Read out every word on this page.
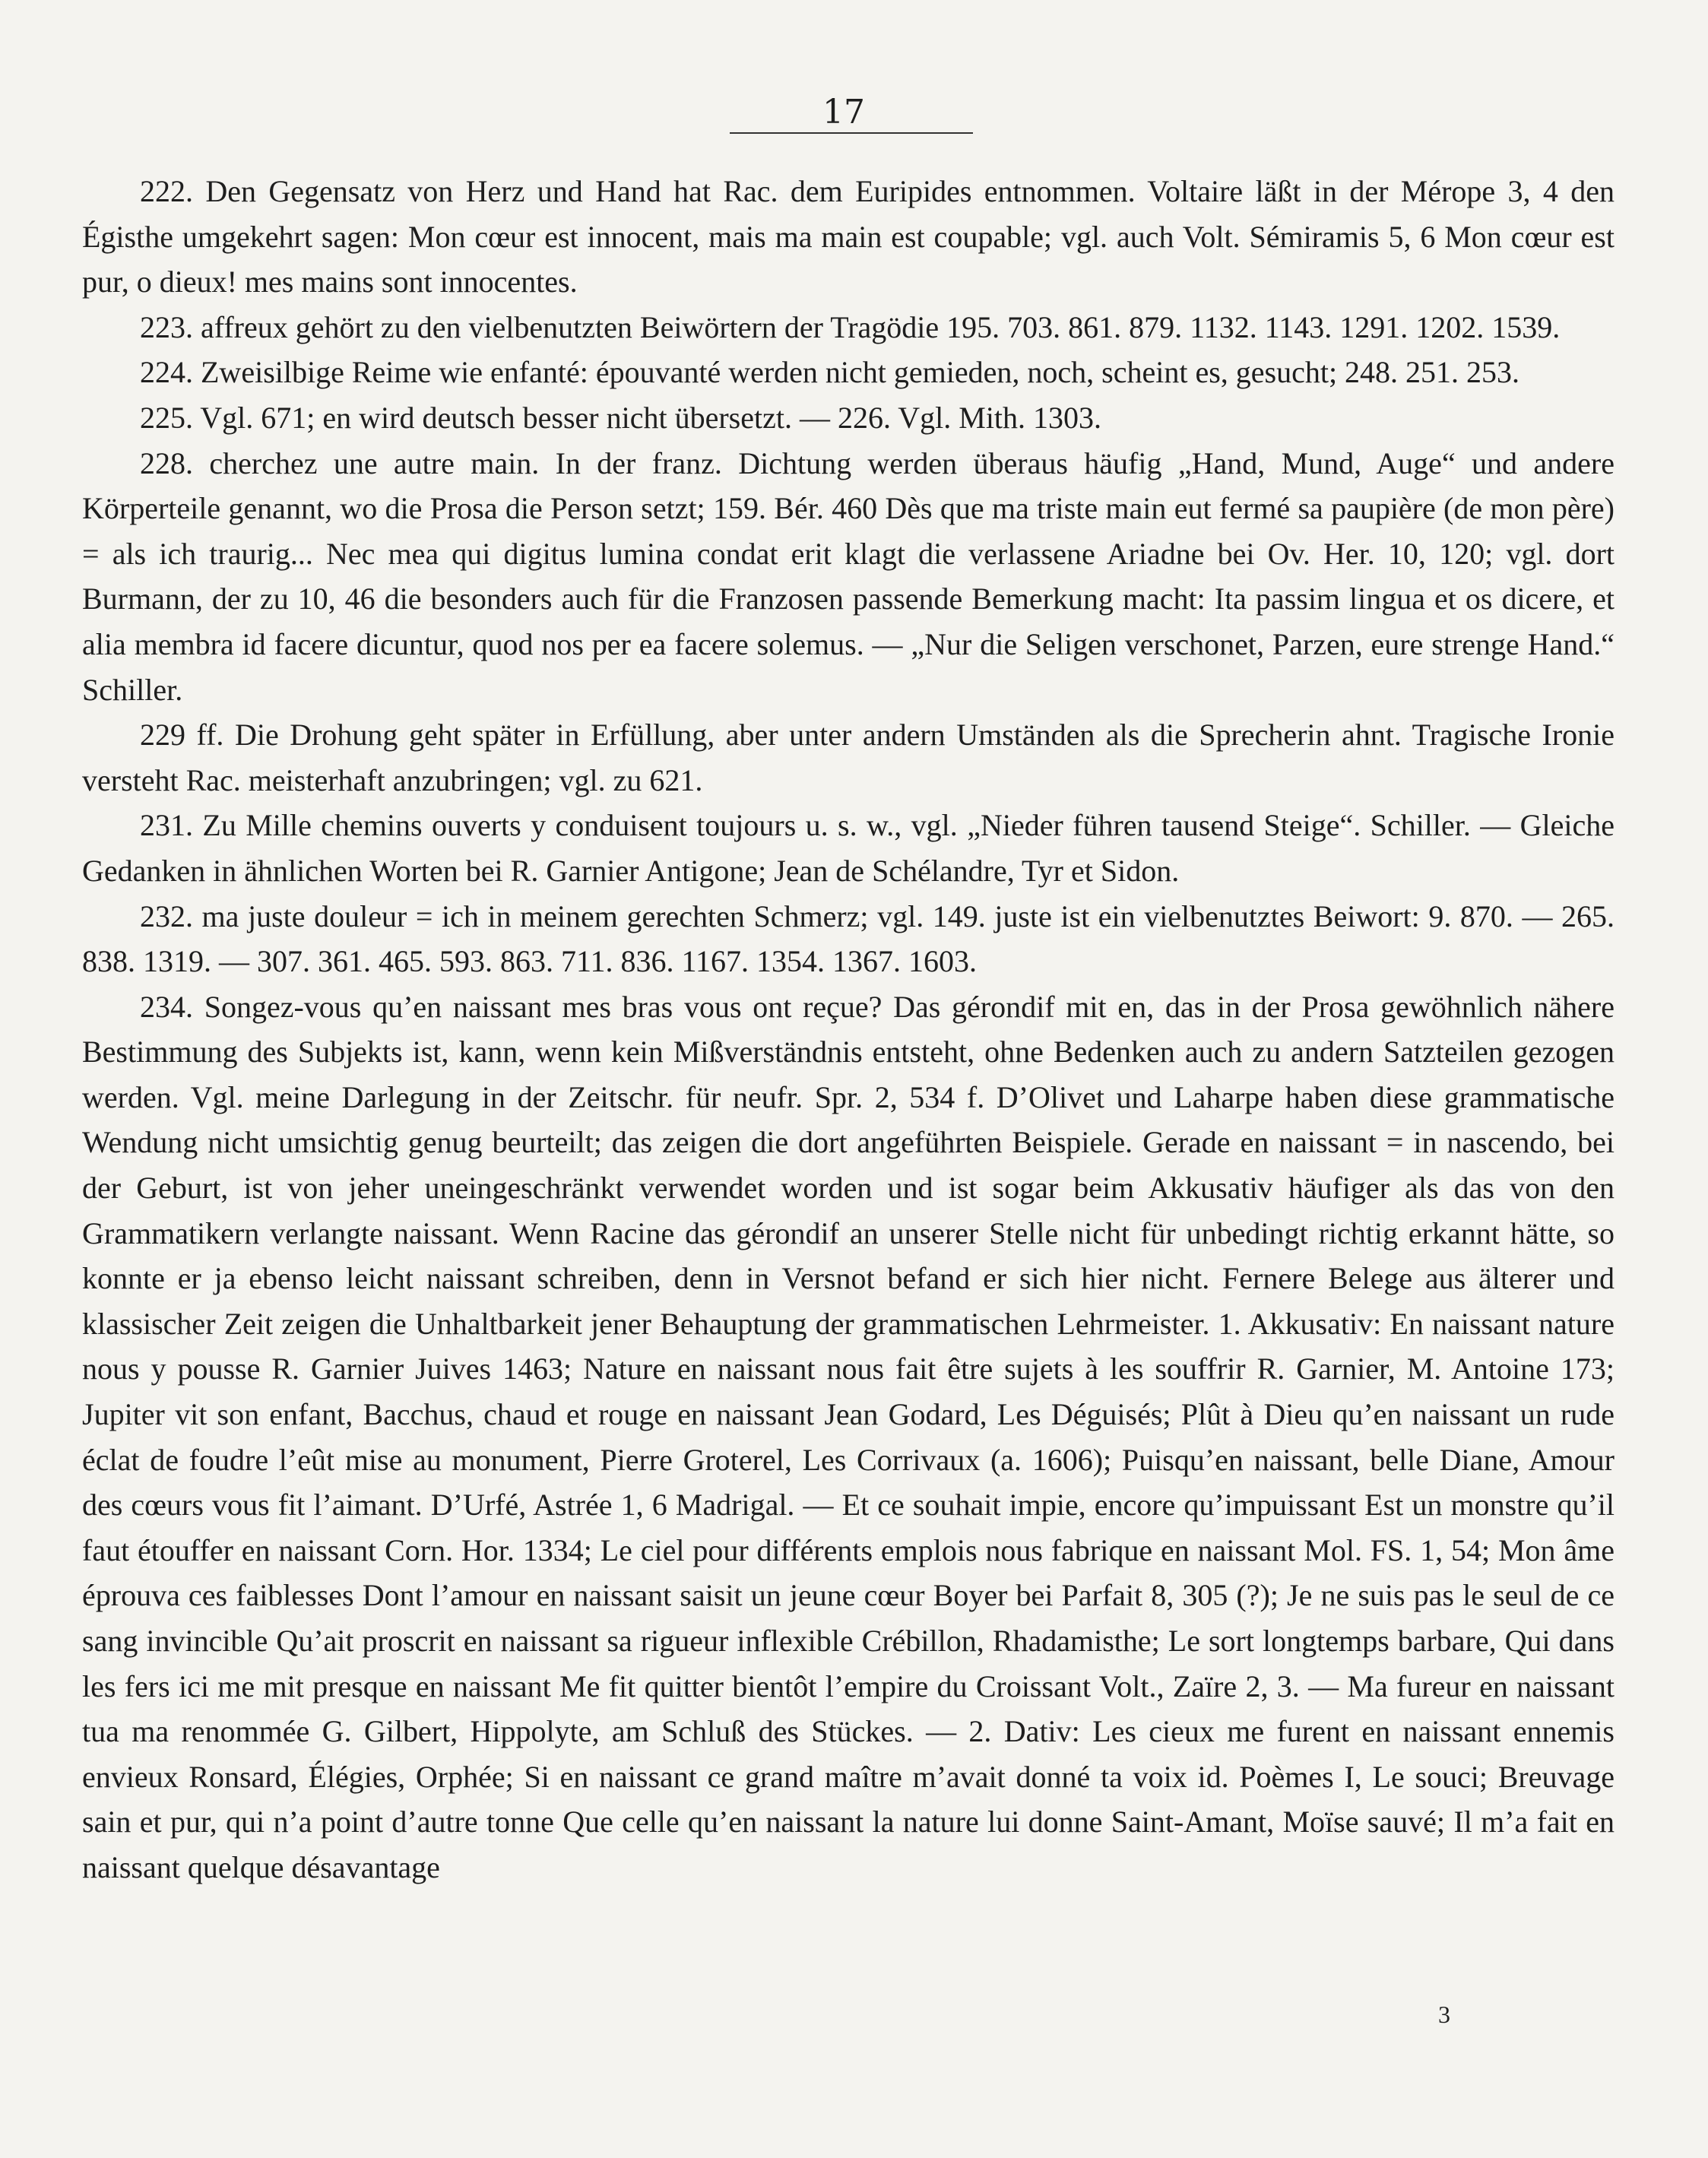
17

222. Den Gegensatz von Herz und Hand hat Rac. dem Euripides entnommen. Voltaire läßt in der Mérope 3, 4 den Égisthe umgekehrt sagen: Mon cœur est innocent, mais ma main est coupable; vgl. auch Volt. Sémiramis 5, 6 Mon cœur est pur, o dieux! mes mains sont innocentes.

223. affreux gehört zu den vielbenutzten Beiwörtern der Tragödie 195. 703. 861. 879. 1132. 1143. 1291. 1202. 1539.

224. Zweisilbige Reime wie enfanté: épouvanté werden nicht gemieden, noch, scheint es, gesucht; 248. 251. 253.

225. Vgl. 671; en wird deutsch besser nicht übersetzt. — 226. Vgl. Mith. 1303.

228. cherchez une autre main. In der franz. Dichtung werden überaus häufig „Hand, Mund, Auge“ und andere Körperteile genannt, wo die Prosa die Person setzt; 159. Bér. 460 Dès que ma triste main eut fermé sa paupière (de mon père) = als ich traurig... Nec mea qui digitus lumina condat erit klagt die verlassene Ariadne bei Ov. Her. 10, 120; vgl. dort Burmann, der zu 10, 46 die besonders auch für die Franzosen passende Bemerkung macht: Ita passim lingua et os dicere, et alia membra id facere dicuntur, quod nos per ea facere solemus. — „Nur die Seligen verschonet, Parzen, eure strenge Hand.“ Schiller.

229 ff. Die Drohung geht später in Erfüllung, aber unter andern Umständen als die Sprecherin ahnt. Tragische Ironie versteht Rac. meisterhaft anzubringen; vgl. zu 621.

231. Zu Mille chemins ouverts y conduisent toujours u. s. w., vgl. „Nieder führen tausend Steige“. Schiller. — Gleiche Gedanken in ähnlichen Worten bei R. Garnier Antigone; Jean de Schélandre, Tyr et Sidon.

232. ma juste douleur = ich in meinem gerechten Schmerz; vgl. 149. juste ist ein vielbenutztes Beiwort: 9. 870. — 265. 838. 1319. — 307. 361. 465. 593. 863. 711. 836. 1167. 1354. 1367. 1603.

234. Songez-vous qu’en naissant mes bras vous ont reçue? Das gérondif mit en, das in der Prosa gewöhnlich nähere Bestimmung des Subjekts ist, kann, wenn kein Mißverständnis entsteht, ohne Bedenken auch zu andern Satzteilen gezogen werden. Vgl. meine Darlegung in der Zeitschr. für neufr. Spr. 2, 534 f. D’Olivet und Laharpe haben diese grammatische Wendung nicht umsichtig genug beurteilt; das zeigen die dort angeführten Beispiele. Gerade en naissant = in nascendo, bei der Geburt, ist von jeher uneingeschränkt verwendet worden und ist sogar beim Akkusativ häufiger als das von den Grammatikern verlangte naissant. Wenn Racine das gérondif an unserer Stelle nicht für unbedingt richtig erkannt hätte, so konnte er ja ebenso leicht naissant schreiben, denn in Versnot befand er sich hier nicht. Fernere Belege aus älterer und klassischer Zeit zeigen die Unhaltbarkeit jener Behauptung der grammatischen Lehrmeister. 1. Akkusativ: En naissant nature nous y pousse R. Garnier Juives 1463; Nature en naissant nous fait être sujets à les souffrir R. Garnier, M. Antoine 173; Jupiter vit son enfant, Bacchus, chaud et rouge en naissant Jean Godard, Les Déguisés; Plût à Dieu qu’en naissant un rude éclat de foudre l’eût mise au monument, Pierre Groterel, Les Corrivaux (a. 1606); Puisqu’en naissant, belle Diane, Amour des cœurs vous fit l’aimant. D’Urfé, Astrée 1, 6 Madrigal. — Et ce souhait impie, encore qu’impuissant Est un monstre qu’il faut étouffer en naissant Corn. Hor. 1334; Le ciel pour différents emplois nous fabrique en naissant Mol. FS. 1, 54; Mon âme éprouva ces faiblesses Dont l’amour en naissant saisit un jeune cœur Boyer bei Parfait 8, 305 (?); Je ne suis pas le seul de ce sang invincible Qu’ait proscrit en naissant sa rigueur inflexible Crébillon, Rhadamisthe; Le sort longtemps barbare, Qui dans les fers ici me mit presque en naissant Me fit quitter bientôt l’empire du Croissant Volt., Zaïre 2, 3. — Ma fureur en naissant tua ma renommée G. Gilbert, Hippolyte, am Schluß des Stückes. — 2. Dativ: Les cieux me furent en naissant ennemis envieux Ronsard, Élégies, Orphée; Si en naissant ce grand maître m’avait donné ta voix id. Poèmes I, Le souci; Breuvage sain et pur, qui n’a point d’autre tonne Que celle qu’en naissant la nature lui donne Saint-Amant, Moïse sauvé; Il m’a fait en naissant quelque désavantage

3
